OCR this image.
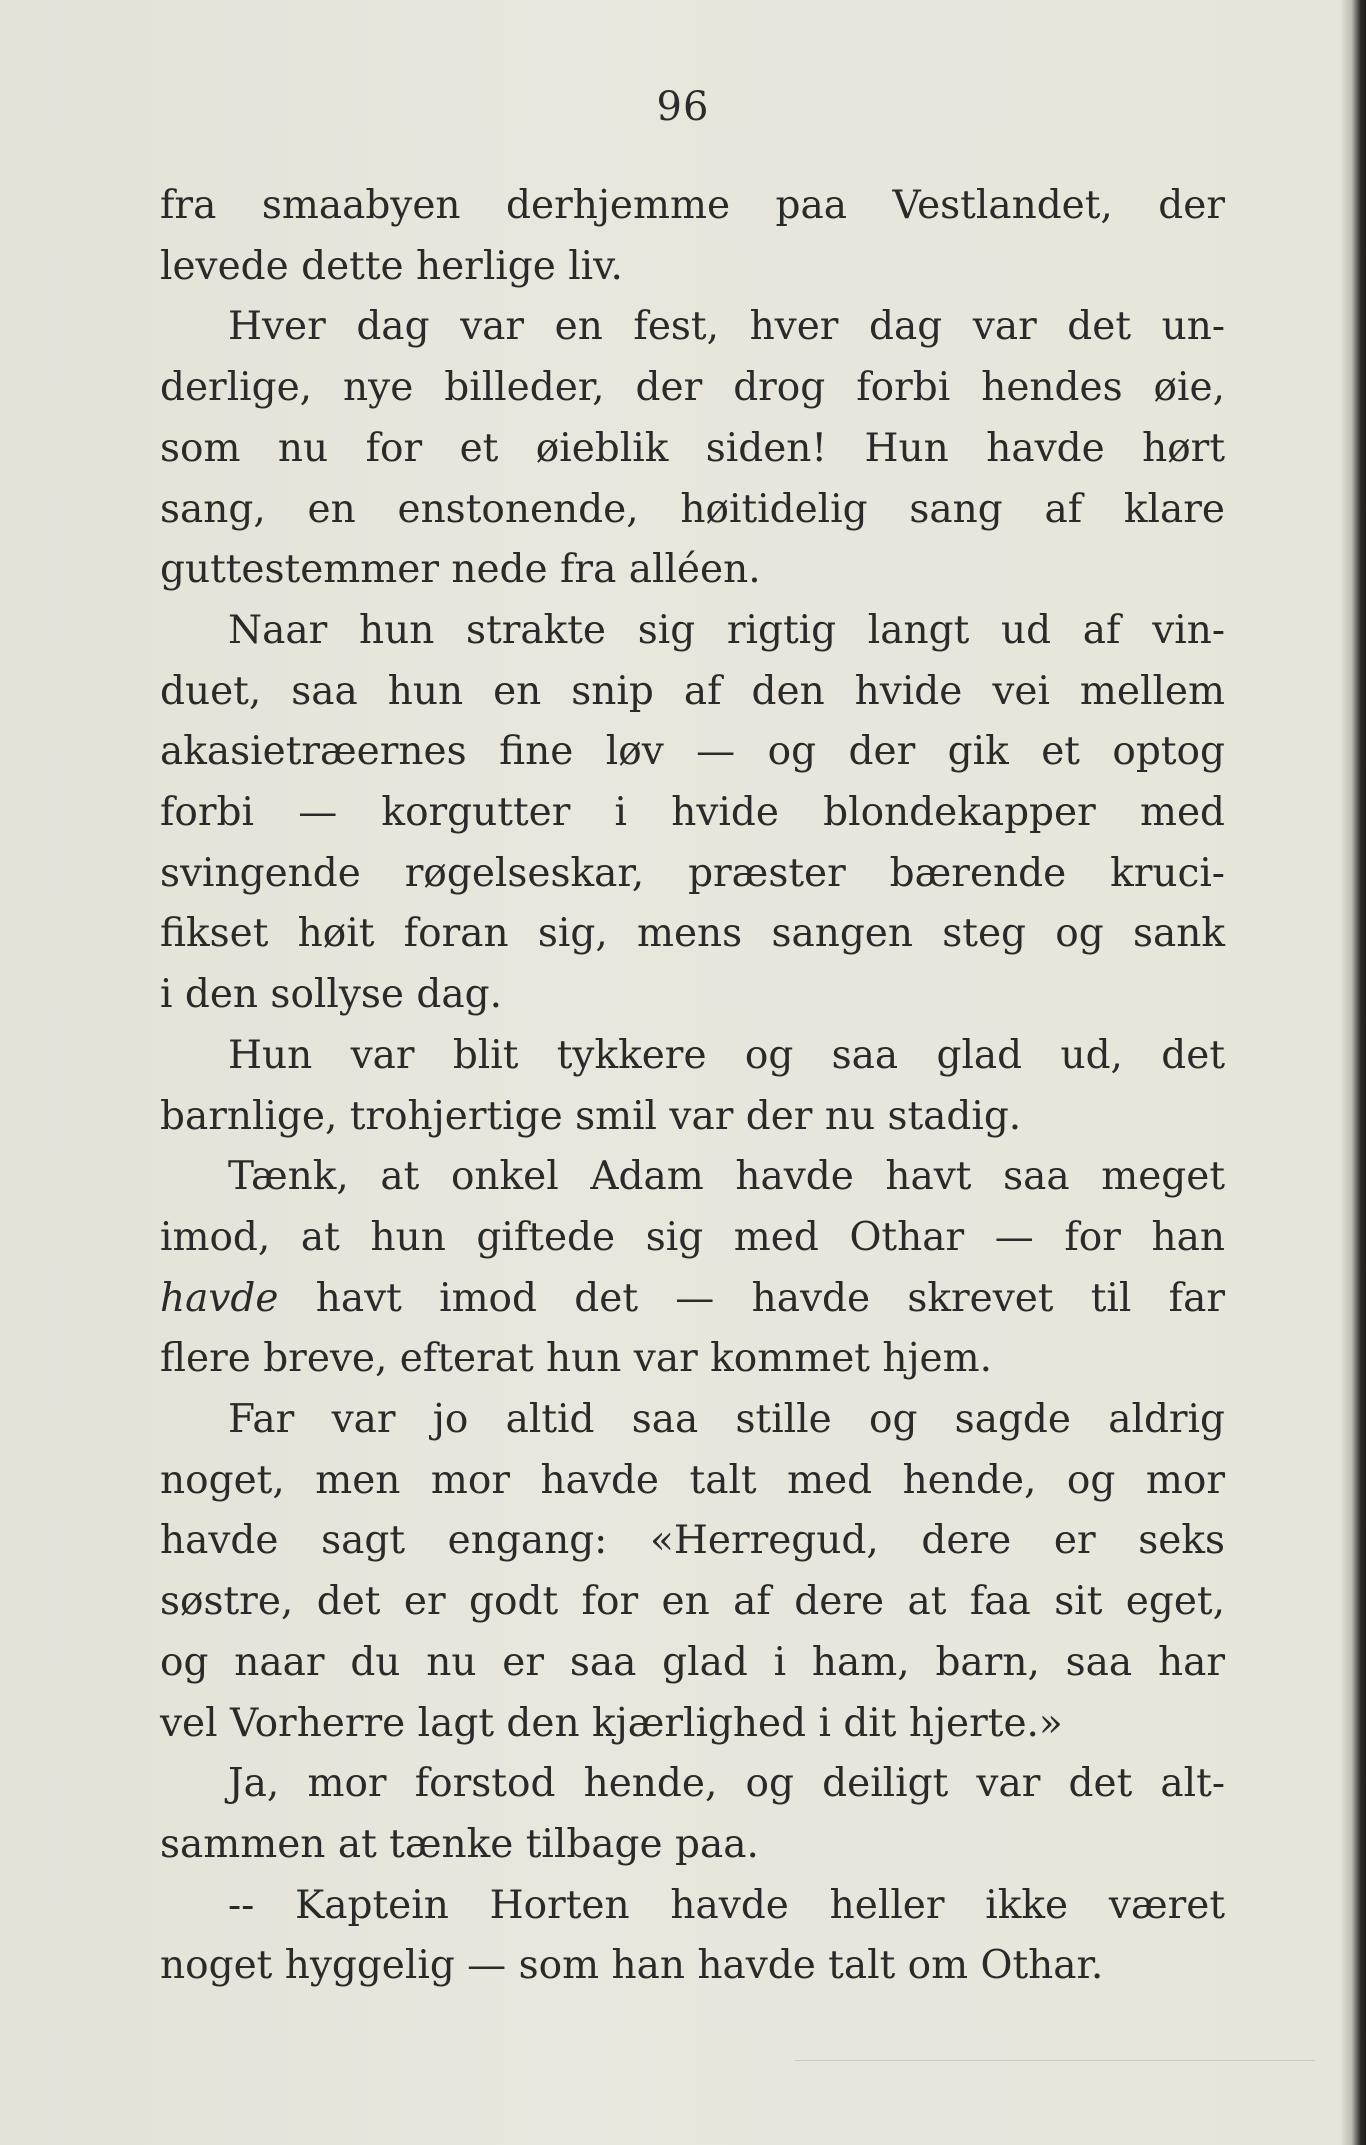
96

fra smaabyen derhjemme paa Vestlandet, der
levede dette herlige liv.

Hver dag var en fest, hver dag var det un-
derlige, nye billeder, der drog forbi hendes øie,
som nu for et øieblik siden! Hun havde hørt
sang, en enstonende, høitidelig sang af klare
guttestemmer nede fra alléen.

Naar hun strakte sig rigtig langt ud af vin-
duet, saa hun en snip af den hvide vei mellem
akasietræernes fine løv — og der gik et optog
forbi — korgutter i hvide blondekapper med
svingende røgelseskar, præster bærende kruci-
fikset høit foran sig, mens sangen steg og sank
i den sollyse dag.

Hun var blit tykkere og saa glad ud, det
barnlige, trohjertige smil var der nu stadig.

Tænk, at onkel Adam havde havt saa meget
imod, at hun giftede sig med Othar — for han
havde havt imod det — havde skrevet til far
flere breve, efterat hun var kommet hjem.

Far var jo altid saa stille og sagde aldrig
noget, men mor havde talt med hende, og mor
havde sagt engang: «Herregud, dere er seks
søstre, det er godt for en af dere at faa sit eget,
og naar du nu er saa glad i ham, barn, saa har
vel Vorherre lagt den kjærlighed i dit hjerte.»

Ja, mor forstod hende, og deiligt var det alt-
sammen at tænke tilbage paa.

-- Kaptein Horten havde heller ikke været
noget hyggelig — som han havde talt om Othar.
